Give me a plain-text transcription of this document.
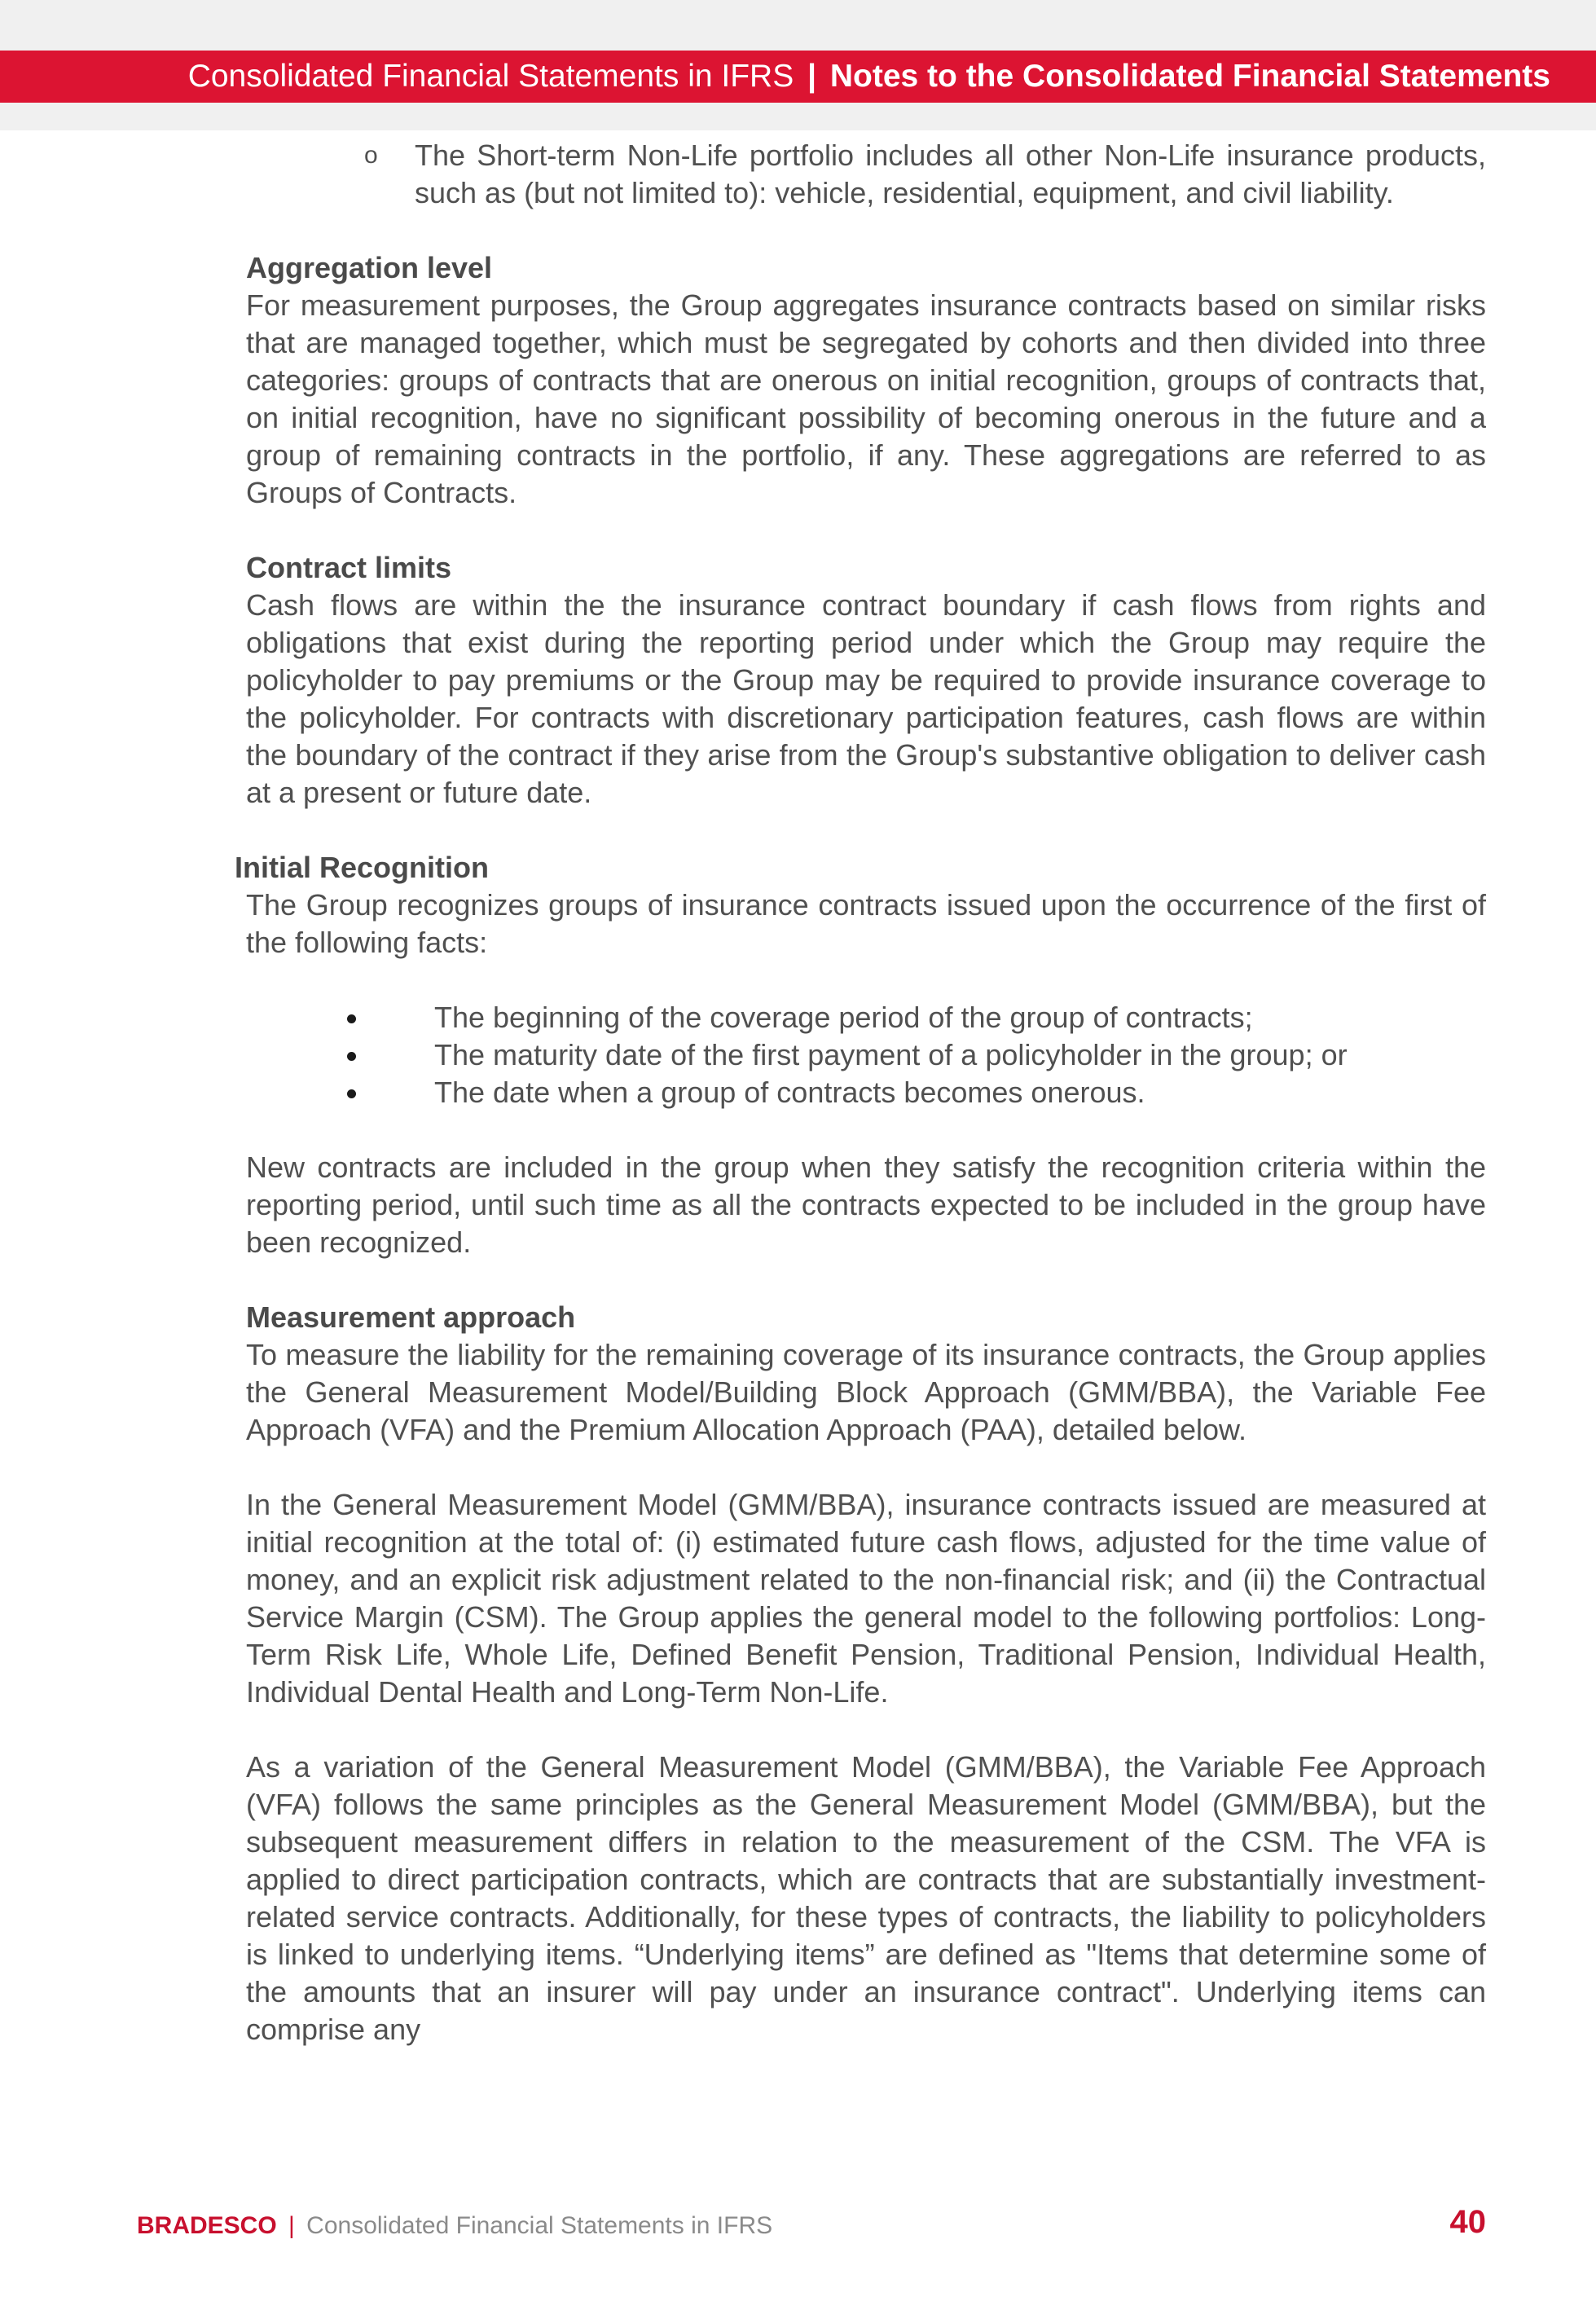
Consolidated Financial Statements in IFRS | Notes to the Consolidated Financial Statements
o The Short-term Non-Life portfolio includes all other Non-Life insurance products, such as (but not limited to): vehicle, residential, equipment, and civil liability.

Aggregation level

For measurement purposes, the Group aggregates insurance contracts based on similar risks that are managed together, which must be segregated by cohorts and then divided into three categories: groups of contracts that are onerous on initial recognition, groups of contracts that, on initial recognition, have no significant possibility of becoming onerous in the future and a group of remaining contracts in the portfolio, if any. These aggregations are referred to as Groups of Contracts.

Contract limits

Cash flows are within the the insurance contract boundary if cash flows from rights and obligations that exist during the reporting period under which the Group may require the policyholder to pay premiums or the Group may be required to provide insurance coverage to the policyholder. For contracts with discretionary participation features, cash flows are within the boundary of the contract if they arise from the Group's substantive obligation to deliver cash at a present or future date.

Initial Recognition

The Group recognizes groups of insurance contracts issued upon the occurrence of the first of the following facts:

The beginning of the coverage period of the group of contracts;
The maturity date of the first payment of a policyholder in the group; or
The date when a group of contracts becomes onerous.

New contracts are included in the group when they satisfy the recognition criteria within the reporting period, until such time as all the contracts expected to be included in the group have been recognized.

Measurement approach

To measure the liability for the remaining coverage of its insurance contracts, the Group applies the General Measurement Model/Building Block Approach (GMM/BBA), the Variable Fee Approach (VFA) and the Premium Allocation Approach (PAA), detailed below.

In the General Measurement Model (GMM/BBA), insurance contracts issued are measured at initial recognition at the total of: (i) estimated future cash flows, adjusted for the time value of money, and an explicit risk adjustment related to the non-financial risk; and (ii) the Contractual Service Margin (CSM). The Group applies the general model to the following portfolios: Long-Term Risk Life, Whole Life, Defined Benefit Pension, Traditional Pension, Individual Health, Individual Dental Health and Long-Term Non-Life.

As a variation of the General Measurement Model (GMM/BBA), the Variable Fee Approach (VFA) follows the same principles as the General Measurement Model (GMM/BBA), but the subsequent measurement differs in relation to the measurement of the CSM. The VFA is applied to direct participation contracts, which are contracts that are substantially investment-related service contracts. Additionally, for these types of contracts, the liability to policyholders is linked to underlying items. “Underlying items” are defined as "Items that determine some of the amounts that an insurer will pay under an insurance contract". Underlying items can comprise any

BRADESCO | Consolidated Financial Statements in IFRS	40
